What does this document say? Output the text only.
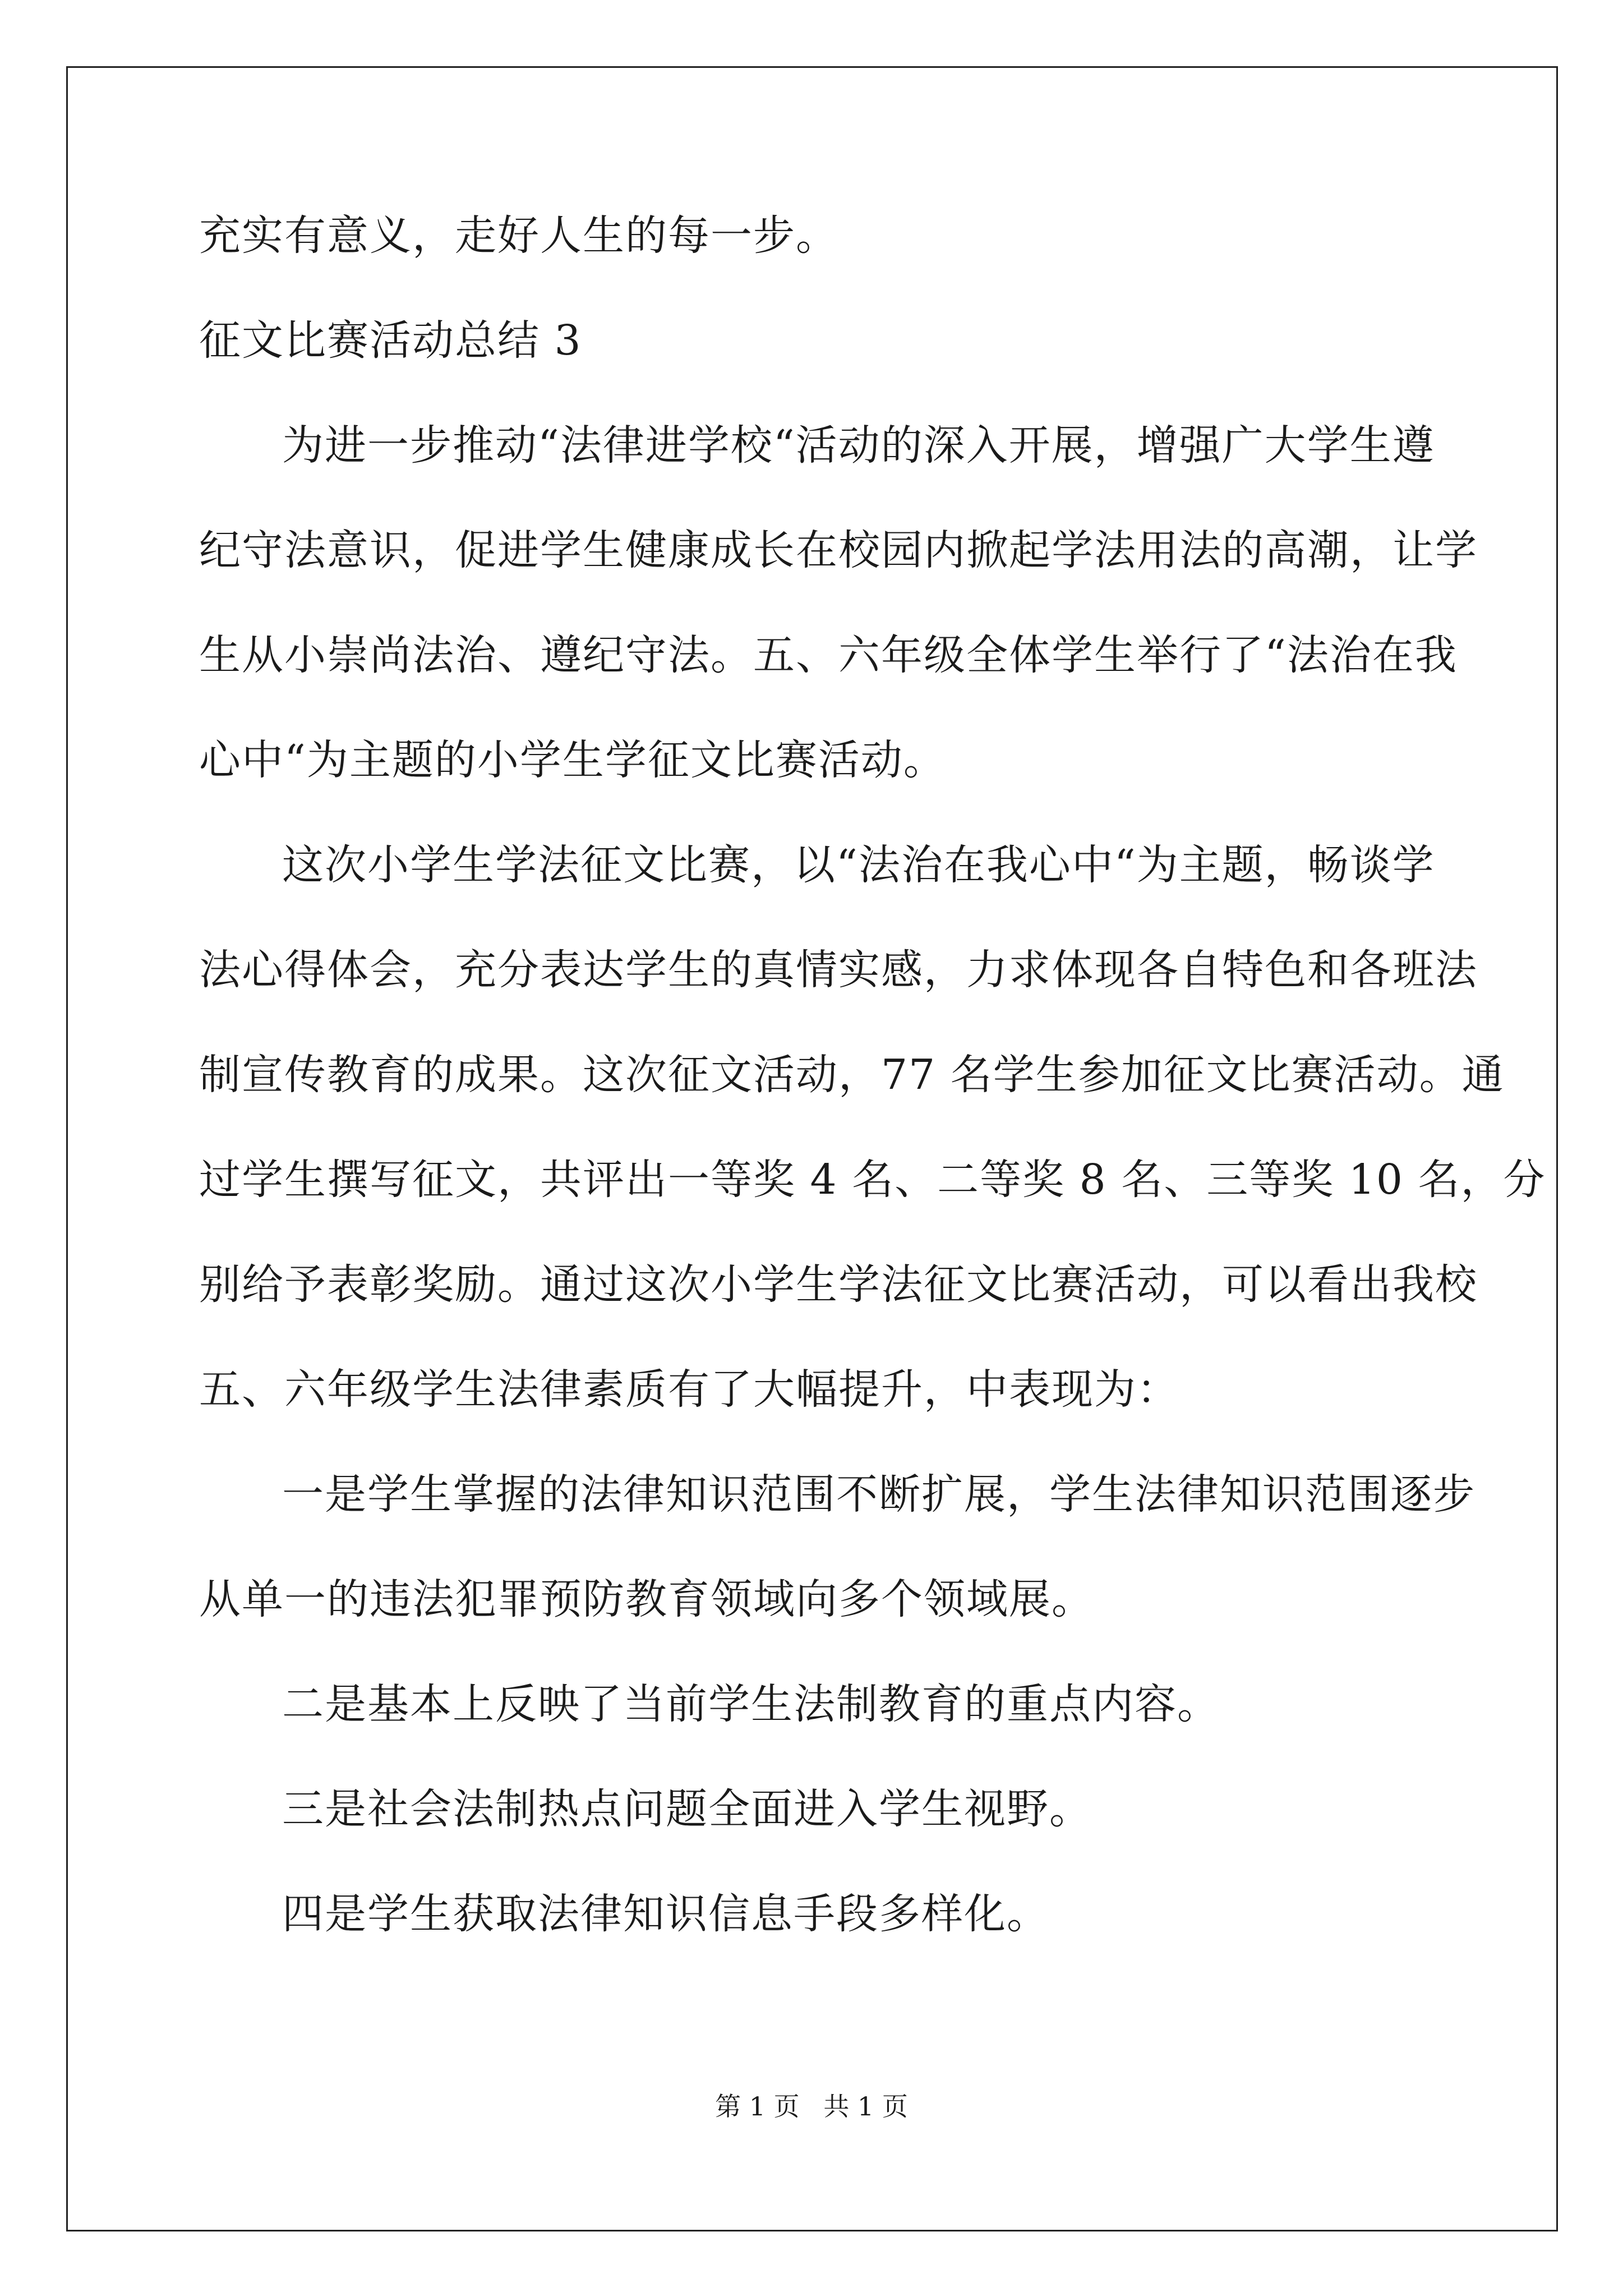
充实有意义，走好人生的每一步。

征文比赛活动总结 3

为进一步推动“法律进学校“活动的深入开展，增强广大学生遵

纪守法意识，促进学生健康成长在校园内掀起学法用法的高潮，让学

生从小崇尚法治、遵纪守法。五、六年级全体学生举行了“法治在我

心中“为主题的小学生学征文比赛活动。

这次小学生学法征文比赛，以“法治在我心中“为主题，畅谈学

法心得体会，充分表达学生的真情实感，力求体现各自特色和各班法

制宣传教育的成果。这次征文活动，77 名学生参加征文比赛活动。通

过学生撰写征文，共评出一等奖 4 名、二等奖 8 名、三等奖 10 名，分

别给予表彰奖励。通过这次小学生学法征文比赛活动，可以看出我校

五、六年级学生法律素质有了大幅提升，中表现为：

一是学生掌握的法律知识范围不断扩展，学生法律知识范围逐步

从单一的违法犯罪预防教育领域向多个领域展。

二是基本上反映了当前学生法制教育的重点内容。

三是社会法制热点问题全面进入学生视野。

四是学生获取法律知识信息手段多样化。

第 1 页 共 1 页
